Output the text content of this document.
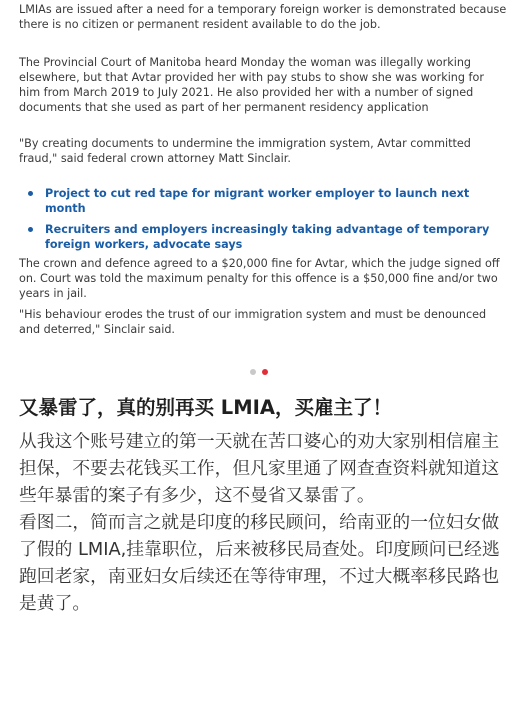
LMIAs are issued after a need for a temporary foreign worker is demonstrated because there is no citizen or permanent resident available to do the job.

The Provincial Court of Manitoba heard Monday the woman was illegally working elsewhere, but that Avtar provided her with pay stubs to show she was working for him from March 2019 to July 2021. He also provided her with a number of signed documents that she used as part of her permanent residency application

"By creating documents to undermine the immigration system, Avtar committed fraud," said federal crown attorney Matt Sinclair.

Project to cut red tape for migrant worker employer to launch next month
Recruiters and employers increasingly taking advantage of temporary foreign workers, advocate says

The crown and defence agreed to a $20,000 fine for Avtar, which the judge signed off on. Court was told the maximum penalty for this offence is a $50,000 fine and/or two years in jail.

"His behaviour erodes the trust of our immigration system and must be denounced and deterred," Sinclair said.

又暴雷了，真的别再买 LMIA，买雇主了！
从我这个账号建立的第一天就在苦口婆心的劝大家别相信雇主担保，不要去花钱买工作，但凡家里通了网查查资料就知道这些年暴雷的案子有多少，这不曼省又暴雷了。
看图二，简而言之就是印度的移民顾问，给南亚的一位妇女做了假的 LMIA,挂靠职位，后来被移民局查处。印度顾问已经逃跑回老家，南亚妇女后续还在等待审理，不过大概率移民路也是黄了。
